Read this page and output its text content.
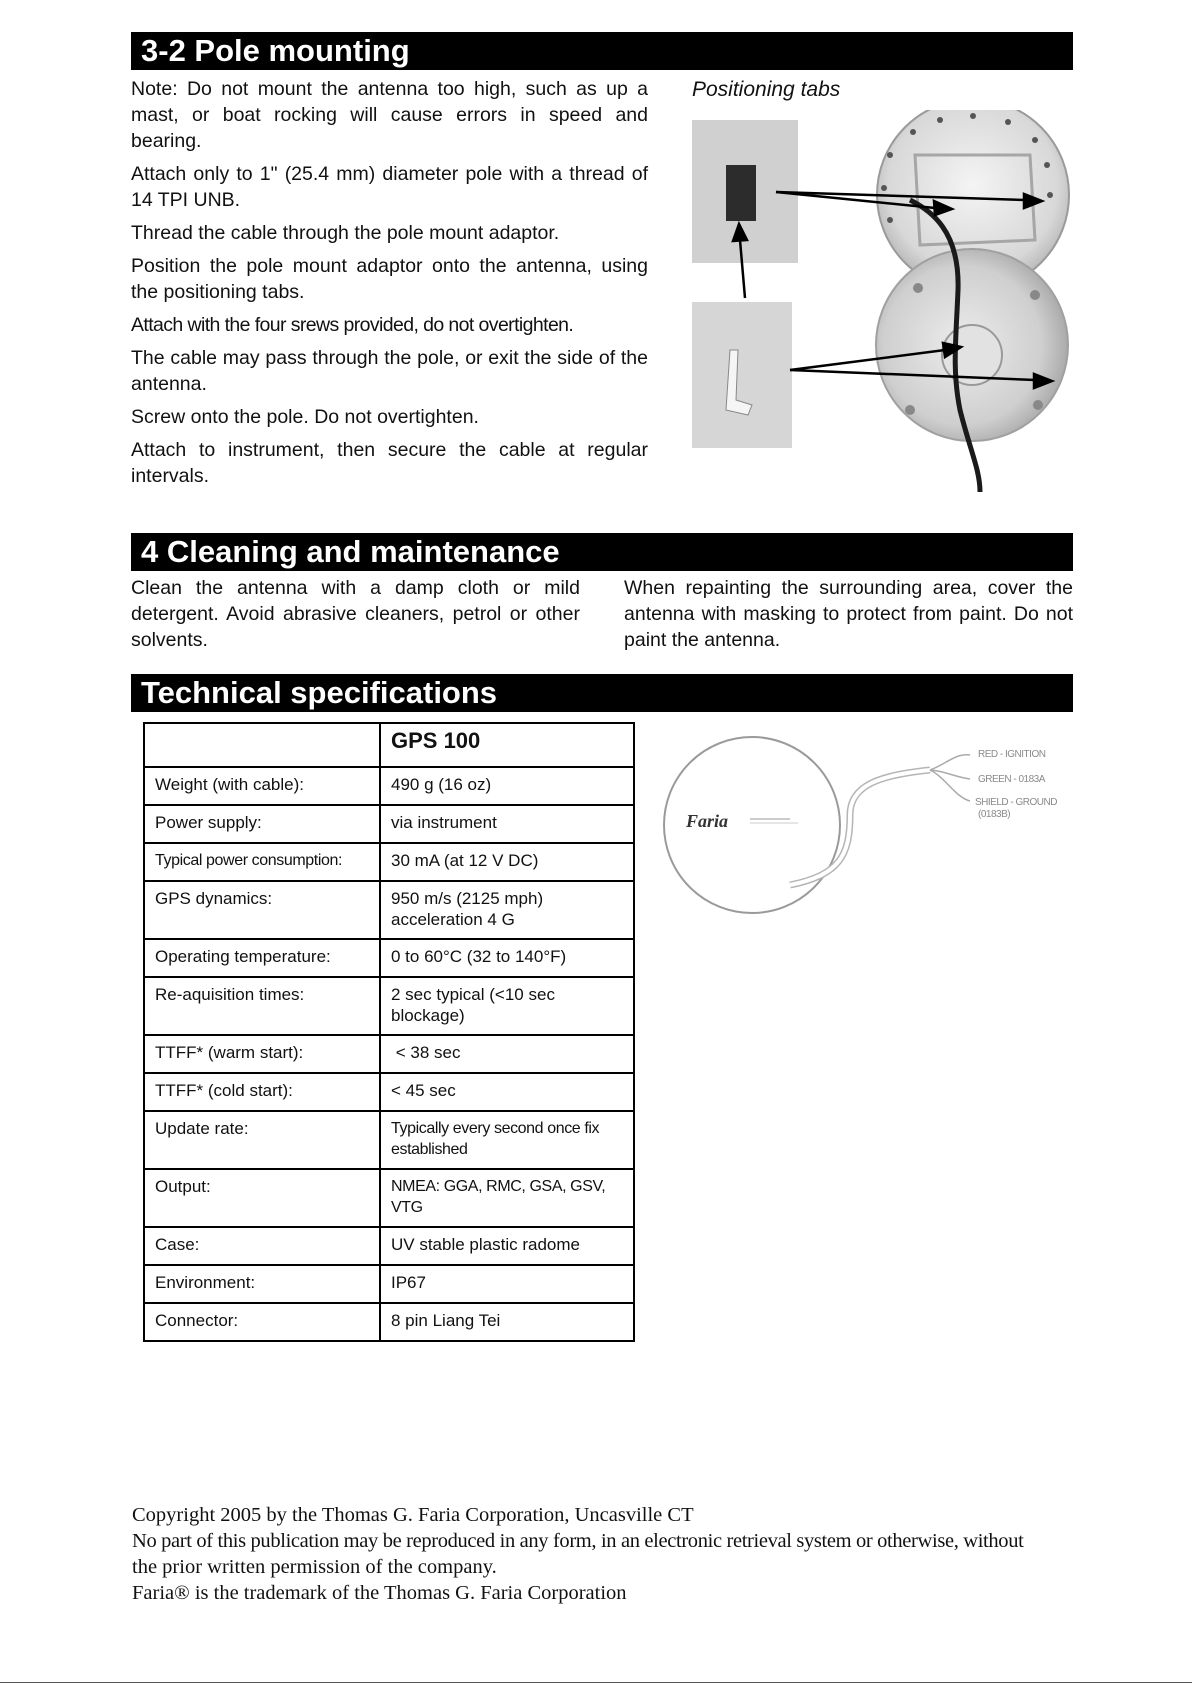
3-2 Pole mounting

Note: Do not mount the antenna too high, such as up a mast, or boat rocking will cause errors in speed and bearing.

Attach only to 1" (25.4 mm) diameter pole with a thread of 14 TPI UNB.

Thread the cable through the pole mount adaptor.

Position the pole mount adaptor onto the antenna, using the positioning tabs.

Attach with the four srews provided, do not overtighten.

The cable may pass through the pole, or exit the side of the antenna.

Screw onto the pole. Do not overtighten.

Attach to instrument, then secure the cable at regular intervals.

Positioning tabs
4 Cleaning and maintenance
Clean the antenna with a damp cloth or mild detergent. Avoid abrasive cleaners, petrol or other solvents.
When repainting the surrounding area, cover the antenna with masking to protect from paint. Do not paint the antenna.
Technical specifications
	GPS 100
Weight (with cable):	490 g (16 oz)
Power supply:	via instrument
Typical power consumption:	30 mA (at 12 V DC)
GPS dynamics:	950 m/s (2125 mph) acceleration 4 G
Operating temperature:	0 to 60°C (32 to 140°F)
Re-aquisition times:	2 sec typical (<10 sec blockage)
TTFF* (warm start):	< 38 sec
TTFF* (cold start):	< 45 sec
Update rate:	Typically every second once fix established
Output:	NMEA: GGA, RMC, GSA, GSV, VTG
Case:	UV stable plastic radome
Environment:	IP67
Connector:	8 pin Liang Tei
Faria
RED - IGNITION
GREEN - 0183A
SHIELD - GROUND
(0183B)
Copyright 2005 by the Thomas G. Faria Corporation, Uncasville CT
No part of this publication may be reproduced in any form, in an electronic retrieval system or otherwise, without
the prior written permission of the company.
Faria® is the trademark of the Thomas G. Faria Corporation
